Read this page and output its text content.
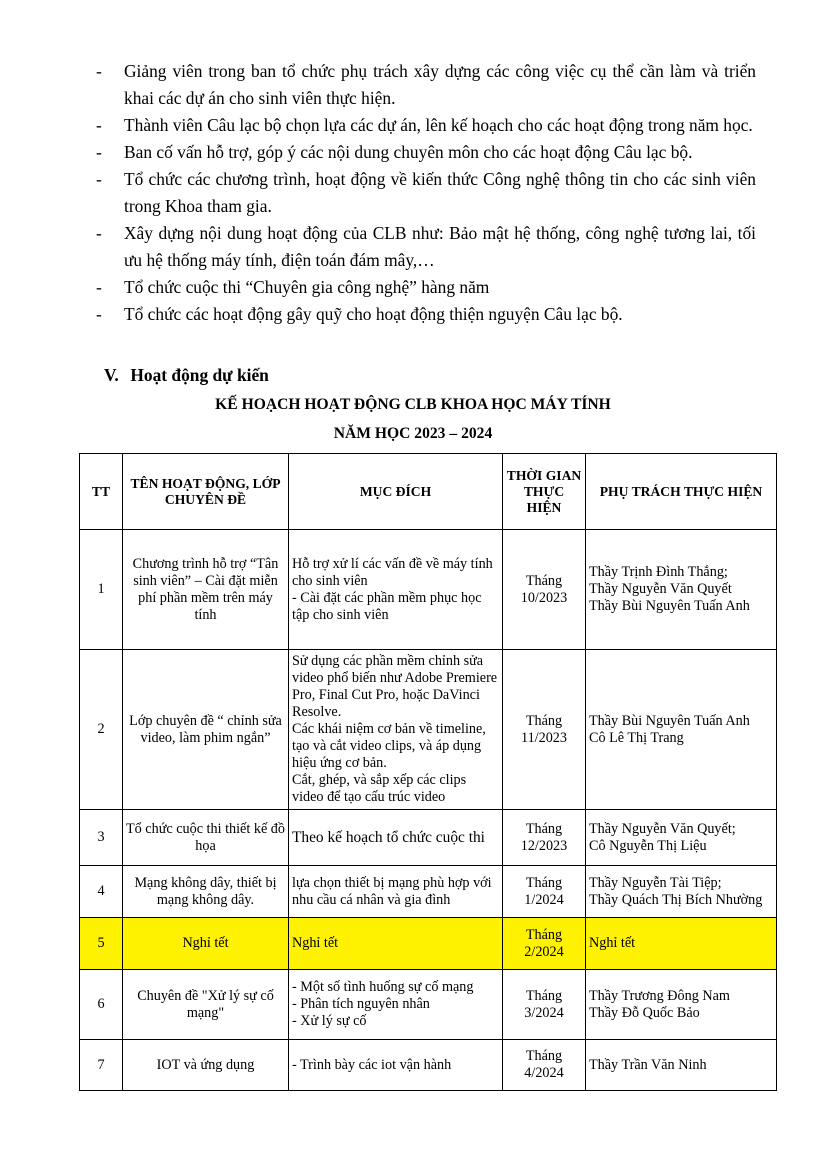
- Giảng viên trong ban tổ chức phụ trách xây dựng các công việc cụ thể cần làm và triển khai các dự án cho sinh viên thực hiện.
- Thành viên Câu lạc bộ chọn lựa các dự án, lên kế hoạch cho các hoạt động trong năm học.
- Ban cố vấn hỗ trợ, góp ý các nội dung chuyên môn cho các hoạt động Câu lạc bộ.
- Tổ chức các chương trình, hoạt động về kiến thức Công nghệ thông tin cho các sinh viên trong Khoa tham gia.
- Xây dựng nội dung hoạt động của CLB như: Bảo mật hệ thống, công nghệ tương lai, tối ưu hệ thống máy tính, điện toán đám mây,…
- Tổ chức cuộc thi “Chuyên gia công nghệ” hàng năm
- Tổ chức các hoạt động gây quỹ cho hoạt động thiện nguyện Câu lạc bộ.
V. Hoạt động dự kiến
KẾ HOẠCH HOẠT ĐỘNG CLB KHOA HỌC MÁY TÍNH
NĂM HỌC 2023 – 2024
TT	TÊN HOẠT ĐỘNG, LỚP CHUYÊN ĐỀ	MỤC ĐÍCH	THỜI GIAN THỰC HIỆN	PHỤ TRÁCH THỰC HIỆN
1	Chương trình hỗ trợ “Tân sinh viên” – Cài đặt miễn phí phần mềm trên máy tính	Hỗ trợ xử lí các vấn đề về máy tính cho sinh viên
- Cài đặt các phần mềm phục học tập cho sinh viên	Tháng
10/2023	Thầy Trịnh Đình Thắng;
Thầy Nguyễn Văn Quyết
Thầy Bùi Nguyên Tuấn Anh

2	Lớp chuyên đề “ chỉnh sửa video, làm phim ngắn”	Sử dụng các phần mềm chỉnh sửa video phổ biến như Adobe Premiere Pro, Final Cut Pro, hoặc DaVinci Resolve.
Các khái niệm cơ bản về timeline, tạo và cắt video clips, và áp dụng hiệu ứng cơ bản.
Cắt, ghép, và sắp xếp các clips video để tạo cấu trúc video	Tháng
11/2023	Thầy Bùi Nguyên Tuấn Anh
Cô Lê Thị Trang

3	Tổ chức cuộc thi thiết kế đồ họa	Theo kế hoạch tổ chức cuộc thi	Tháng
12/2023	Thầy Nguyễn Văn Quyết;
Cô Nguyễn Thị Liệu

4	Mạng không dây, thiết bị mạng không dây.	lựa chọn thiết bị mạng phù hợp với nhu cầu cá nhân và gia đình	Tháng
1/2024	Thầy Nguyễn Tài Tiệp;
Thầy Quách Thị Bích Nhường

5	Nghỉ tết	Nghỉ tết	Tháng
2/2024	Nghỉ tết
6	Chuyên đề "Xử lý sự cố mạng"	- Một số tình huống sự cố mạng
- Phân tích nguyên nhân
- Xử lý sự cố	Tháng
3/2024	Thầy Trương Đông Nam
Thầy Đỗ Quốc Bảo

7	IOT và ứng dụng	- Trình bày các iot vận hành	Tháng
4/2024	Thầy Trần Văn Ninh
